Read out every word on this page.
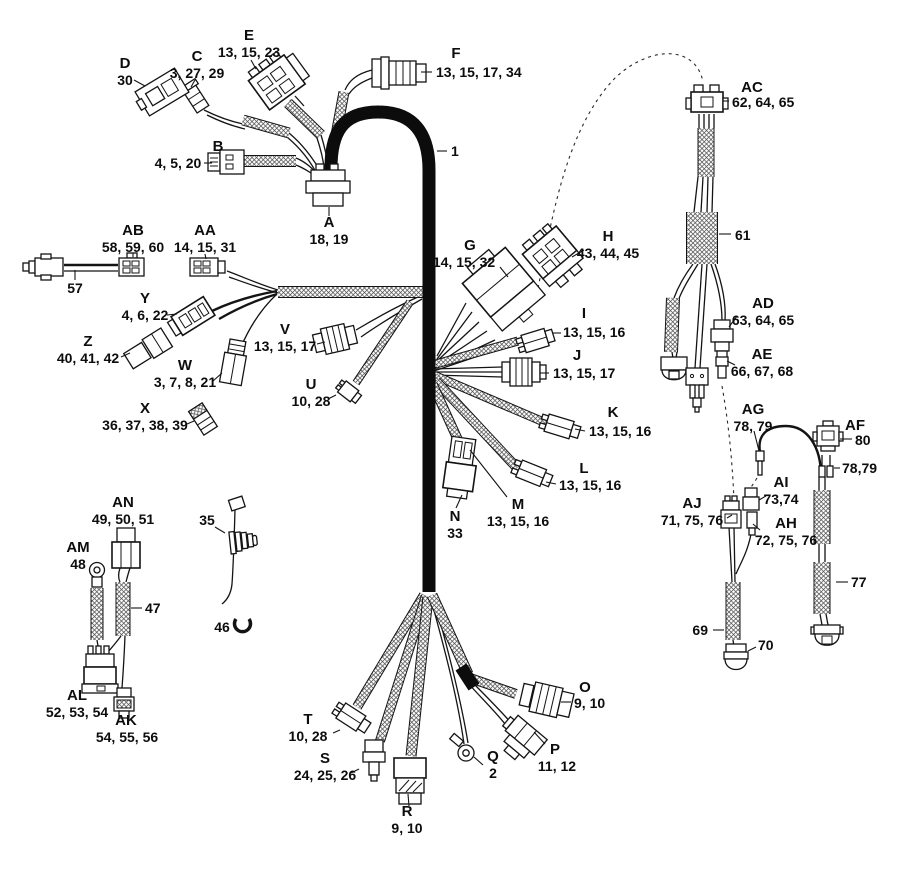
E
13, 15, 23
D
30
C
3, 27, 29
F
13, 15, 17, 34
B
4, 5, 20
A
18, 19
1
AB
58, 59, 60
57
AA
14, 15, 31
Y
4, 6, 22
Z
40, 41, 42	W
3, 7, 8, 21
X
36, 37, 38, 39
V
13, 15, 17
U
10, 28
G
14, 15, 32
H
43, 44, 45
I
13, 15, 16
J
13, 15, 17
K
13, 15, 16
L
13, 15, 16
M
13, 15, 16
N
33
O
9, 10
P
11, 12
Q
2
R
9, 10
S
24, 25, 26
T
10, 28
AC
62, 64, 65
61
AD
63, 64, 65
AE
66, 67, 68
AG
78, 79	AF
80
78,79
AI
73,74
AJ
71, 75, 76	AH
72, 75, 76
69
70
77
AN
49, 50, 51
AM
48
47
35
46
AL
52, 53, 54 AK
54, 55, 56
